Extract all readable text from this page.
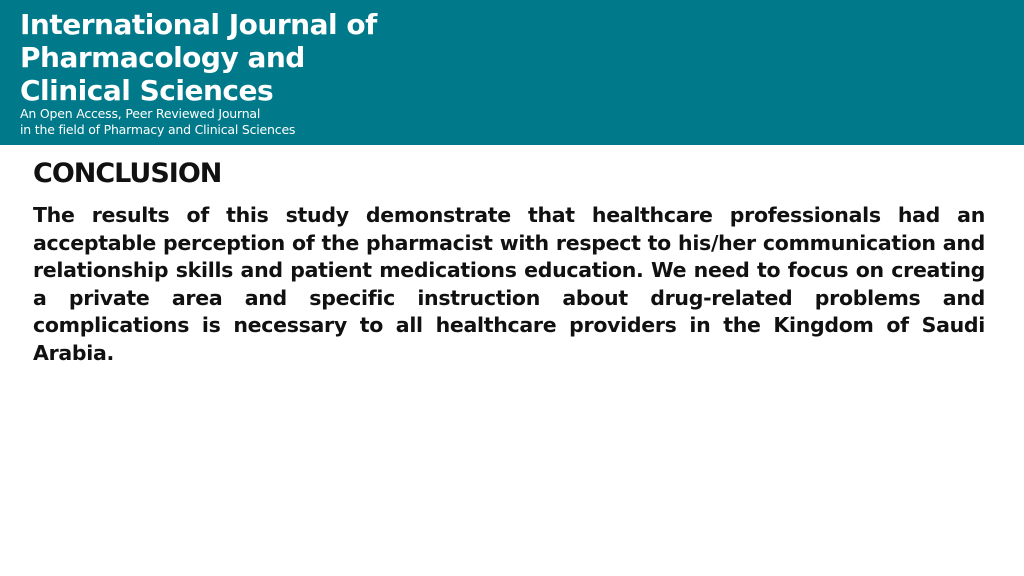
International Journal of
Pharmacology and
Clinical Sciences

An Open Access, Peer Reviewed Journal
in the field of Pharmacy and Clinical Sciences

CONCLUSION

The results of this study demonstrate that healthcare professionals had an acceptable perception of the pharmacist with respect to his/her communication and relationship skills and patient medications education. We need to focus on creating a private area and specific instruction about drug-related problems and complications is necessary to all healthcare providers in the Kingdom of Saudi Arabia.
